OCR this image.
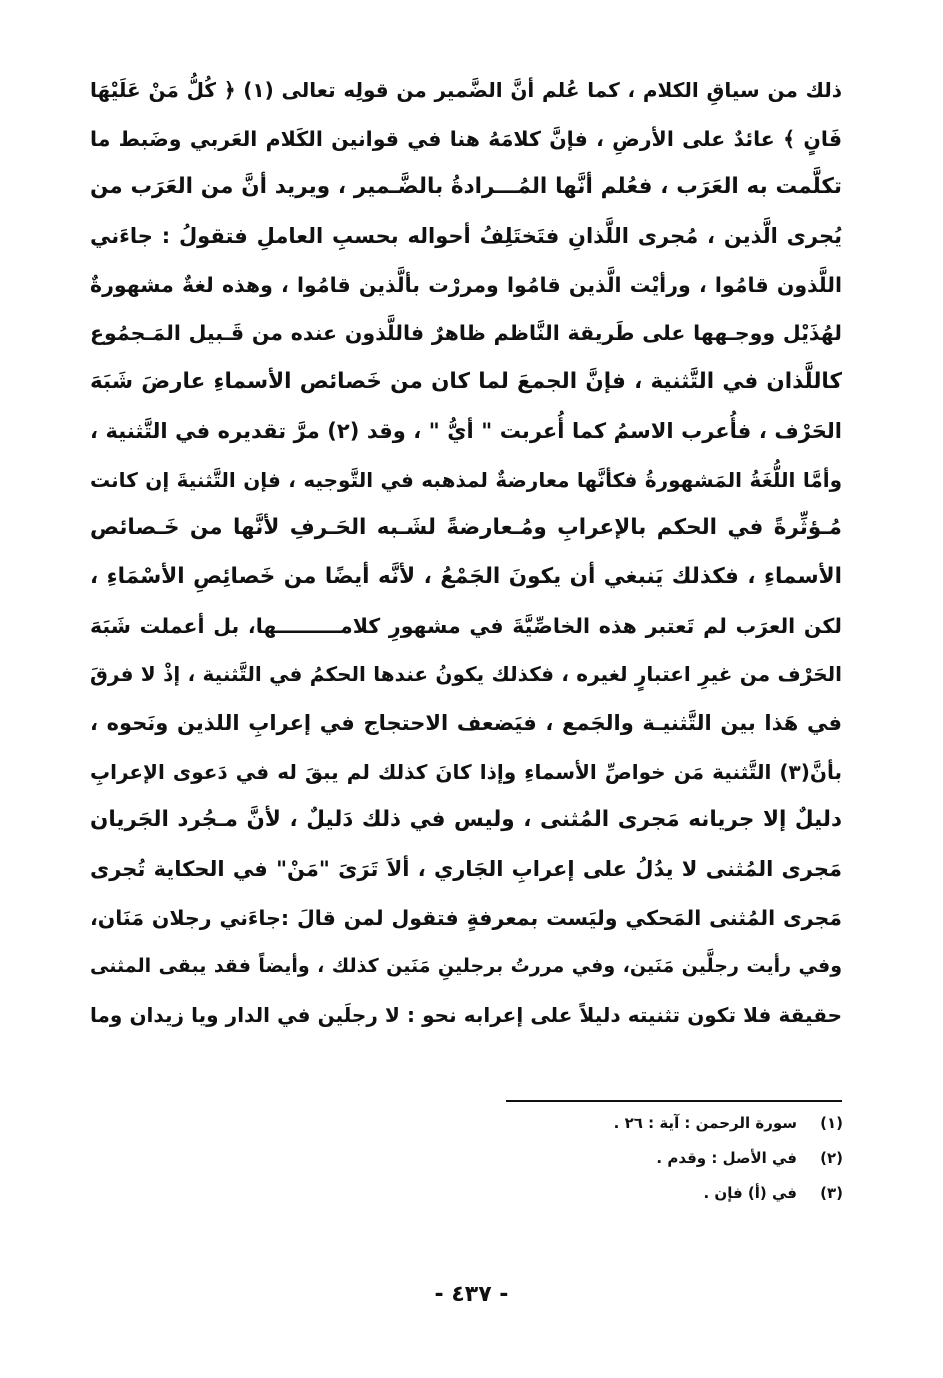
ذلك من سياقِ الكلام ، كما عُلم أنَّ الضَّمير من قولِه تعالى (١) ﴿ كُلُّ مَنْ عَلَيْهَا
فَانٍ ﴾ عائدٌ على الأرضِ ، فإنَّ كلامَهُ هنا في قوانين الكَلام العَربي وضَبط ما
تكلَّمت به العَرَب ، فعُلم أنَّها المُـــرادةُ بالضَّـمير ، ويريد أنَّ من العَرَب من
يُجرى الَّذين ، مُجرى اللَّذانِ فتَختَلِفُ أحواله بحسبِ العاملِ فتقولُ : جاءَني
اللَّذون قامُوا ، ورأيْت الَّذين قامُوا ومررْت بألَّذين قامُوا ، وهذه لغةٌ مشهورةٌ
لهُذَيْل ووجـهها على طَريقة النَّاظم ظاهرٌ فاللَّذون عنده من قَـبيل المَـجمُوع
كاللَّذان في التَّثنية ، فإنَّ الجمعَ لما كان من خَصائص الأسماءِ عارضَ شَبَهَ
الحَرْف ، فأُعرب الاسمُ كما أُعربت " أيُّ " ، وقد (٢) مرَّ تقديره في التَّثنية ،
وأمَّا اللُّغَةُ المَشهورةُ فكأنَّها معارضةٌ لمذهبه في التَّوجيه ، فإن التَّثنيةَ إن كانت
مُـؤثِّرةً في الحكم بالإعرابِ ومُـعارضةً لشَـبه الحَـرفِ لأنَّها من خَـصائص
الأسماءِ ، فكذلك يَنبغي أن يكونَ الجَمْعُ ، لأنَّه أيضًا من خَصائِصِ الأسْمَاءِ ،
لكن العرَب لم تَعتبر هذه الخاصِّيَّةَ في مشهورِ كلامـــــــــها، بل أعملت شَبَهَ
الحَرْف من غيرِ اعتبارٍ لغيره ، فكذلك يكونُ عندها الحكمُ في التَّثنية ، إذْ لا فرقَ
في هَذا بين التَّثنيـة والجَمع ، فيَضعف الاحتجاج في إعرابِ اللذين ونَحوه ،
بأنَّ(٣) التَّثنية مَن خواصِّ الأسماءِ وإذا كانَ كذلك لم يبقَ له في دَعوى الإعرابِ
دليلٌ إلا جريانه مَجرى المُثنى ، وليس في ذلك دَليلٌ ، لأنَّ مـجُرد الجَريان
مَجرى المُثنى لا يدُلُ على إعرابِ الجَاري ، ألاَ تَرَىَ "مَنْ" في الحكاية تُجرى
مَجرى المُثنى المَحكي وليَست بمعرفةٍ فتقول لمن قالَ :جاءَني رجلان مَنَان،
وفي رأيت رجلَّين مَنَين، وفي مررتُ برجلينِ مَنَين كذلك ، وأيضاً فقد يبقى المثنى
حقيقة فلا تكون تثنيته دليلاً على إعرابه نحو : لا رجلَين في الدار ويا زيدان وما
(١)
سورة الرحمن : آية : ٢٦ .
(٢)
في الأصل : وقدم .
(٣)
في (أ) فإن .
- ٤٣٧ -
